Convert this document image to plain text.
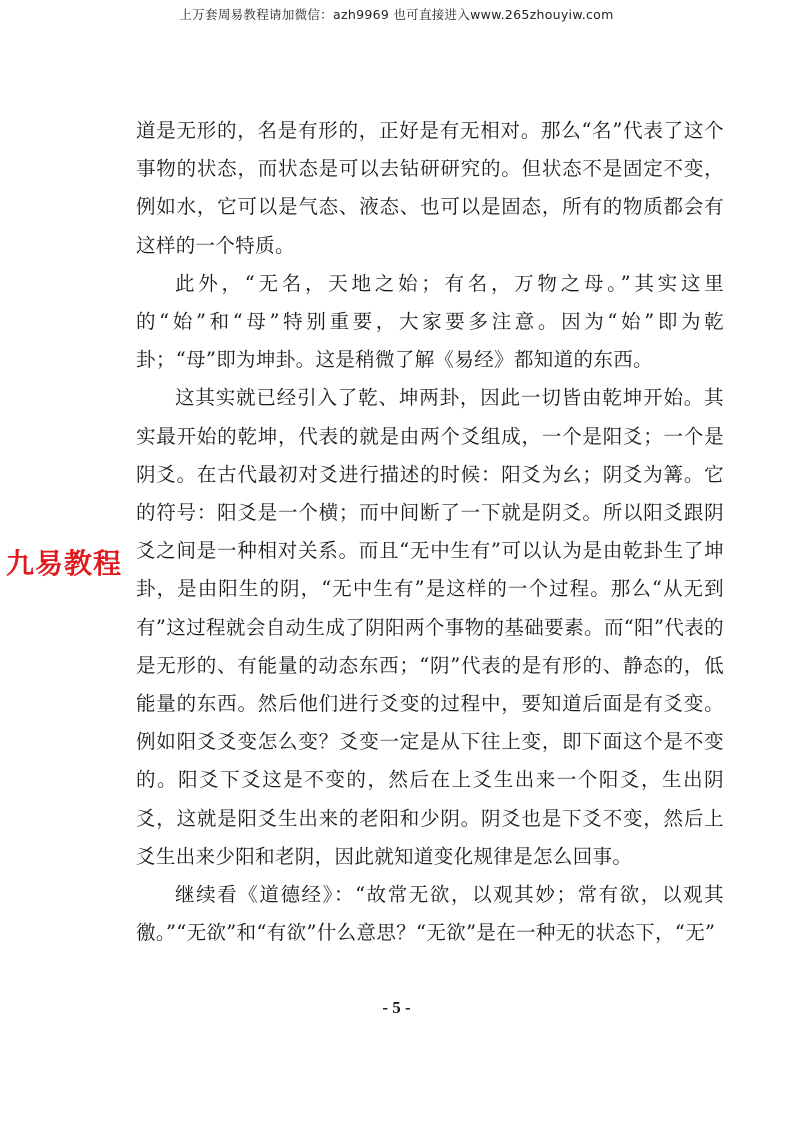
上万套周易教程请加微信：azh9969 也可直接进入www.265zhouyiw.com

道是无形的，名是有形的，正好是有无相对。那么“名”代表了这个事物的状态，而状态是可以去钻研研究的。但状态不是固定不变，例如水，它可以是气态、液态、也可以是固态，所有的物质都会有这样的一个特质。

此外，“无名，天地之始；有名，万物之母。”其实这里的“始”和“母”特别重要，大家要多注意。因为“始”即为乾卦；“母”即为坤卦。这是稍微了解《易经》都知道的东西。

这其实就已经引入了乾、坤两卦，因此一切皆由乾坤开始。其实最开始的乾坤，代表的就是由两个爻组成，一个是阳爻；一个是阴爻。在古代最初对爻进行描述的时候：阳爻为幺；阴爻为篝。它的符号：阳爻是一个横；而中间断了一下就是阴爻。所以阳爻跟阴爻之间是一种相对关系。而且“无中生有”可以认为是由乾卦生了坤卦，是由阳生的阴，“无中生有”是这样的一个过程。那么“从无到有”这过程就会自动生成了阴阳两个事物的基础要素。而“阳”代表的是无形的、有能量的动态东西；“阴”代表的是有形的、静态的，低能量的东西。然后他们进行爻变的过程中，要知道后面是有爻变。例如阳爻爻变怎么变？爻变一定是从下往上变，即下面这个是不变的。阳爻下爻这是不变的，然后在上爻生出来一个阳爻，生出阴爻，这就是阳爻生出来的老阳和少阴。阴爻也是下爻不变，然后上爻生出来少阳和老阴，因此就知道变化规律是怎么回事。

继续看《道德经》：“故常无欲，以观其妙；常有欲，以观其徼。”“无欲”和“有欲”什么意思？“无欲”是在一种无的状态下，“无”

九易教程
- 5 -
